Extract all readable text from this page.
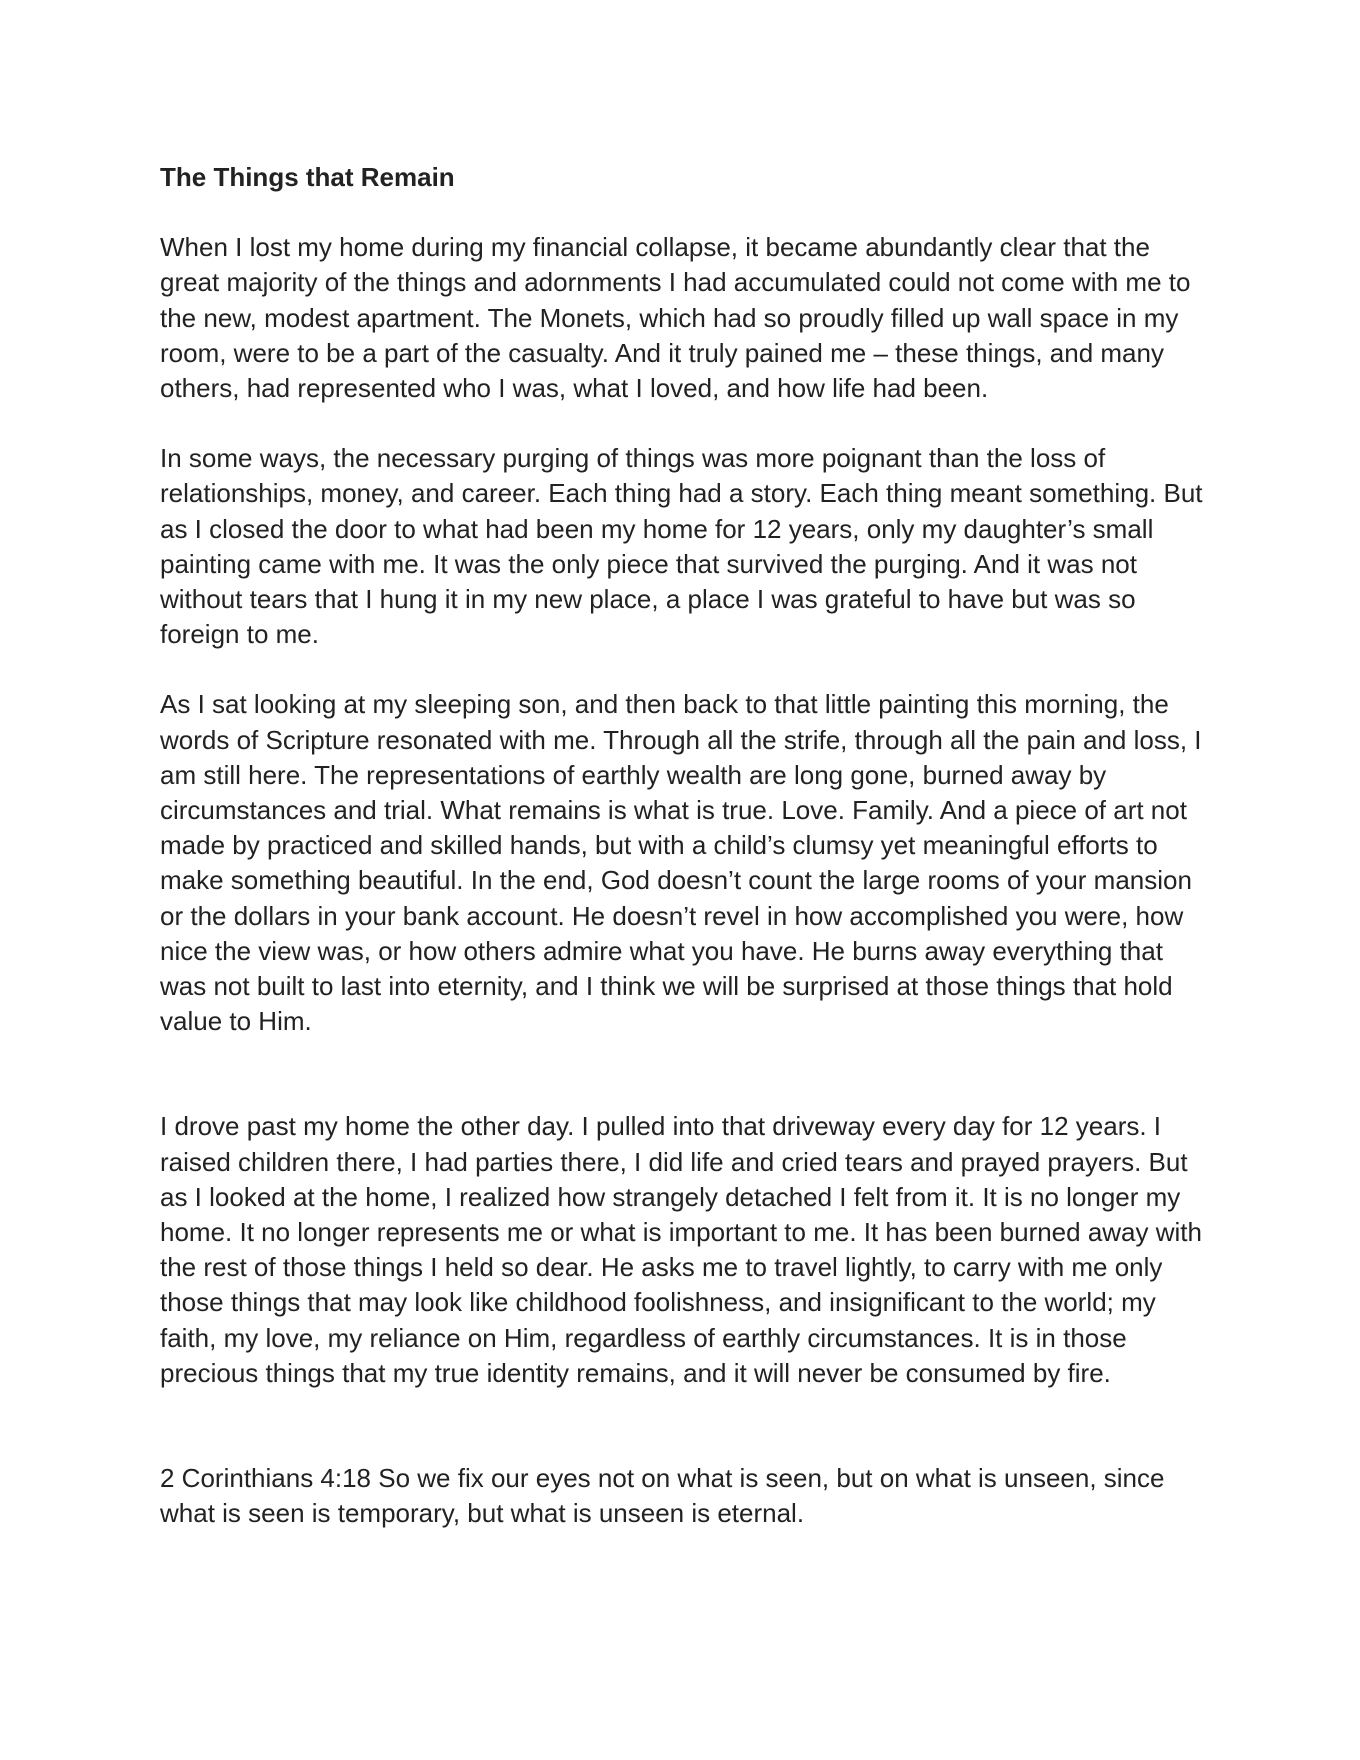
The Things that Remain
When I lost my home during my financial collapse, it became abundantly clear that the great majority of the things and adornments I had accumulated could not come with me to the new, modest apartment. The Monets, which had so proudly filled up wall space in my room, were to be a part of the casualty. And it truly pained me – these things, and many others, had represented who I was, what I loved, and how life had been.
In some ways, the necessary purging of things was more poignant than the loss of relationships, money, and career. Each thing had a story. Each thing meant something. But as I closed the door to what had been my home for 12 years, only my daughter’s small painting came with me. It was the only piece that survived the purging. And it was not without tears that I hung it in my new place, a place I was grateful to have but was so foreign to me.
As I sat looking at my sleeping son, and then back to that little painting this morning, the words of Scripture resonated with me. Through all the strife, through all the pain and loss, I am still here. The representations of earthly wealth are long gone, burned away by circumstances and trial. What remains is what is true. Love. Family. And a piece of art not made by practiced and skilled hands, but with a child’s clumsy yet meaningful efforts to make something beautiful. In the end, God doesn’t count the large rooms of your mansion or the dollars in your bank account. He doesn’t revel in how accomplished you were, how nice the view was, or how others admire what you have. He burns away everything that was not built to last into eternity, and I think we will be surprised at those things that hold value to Him.
I drove past my home the other day. I pulled into that driveway every day for 12 years. I raised children there, I had parties there, I did life and cried tears and prayed prayers. But as I looked at the home, I realized how strangely detached I felt from it. It is no longer my home. It no longer represents me or what is important to me. It has been burned away with the rest of those things I held so dear. He asks me to travel lightly, to carry with me only those things that may look like childhood foolishness, and insignificant to the world; my faith, my love, my reliance on Him, regardless of earthly circumstances. It is in those precious things that my true identity remains, and it will never be consumed by fire.
2 Corinthians 4:18 So we fix our eyes not on what is seen, but on what is unseen, since what is seen is temporary, but what is unseen is eternal.
